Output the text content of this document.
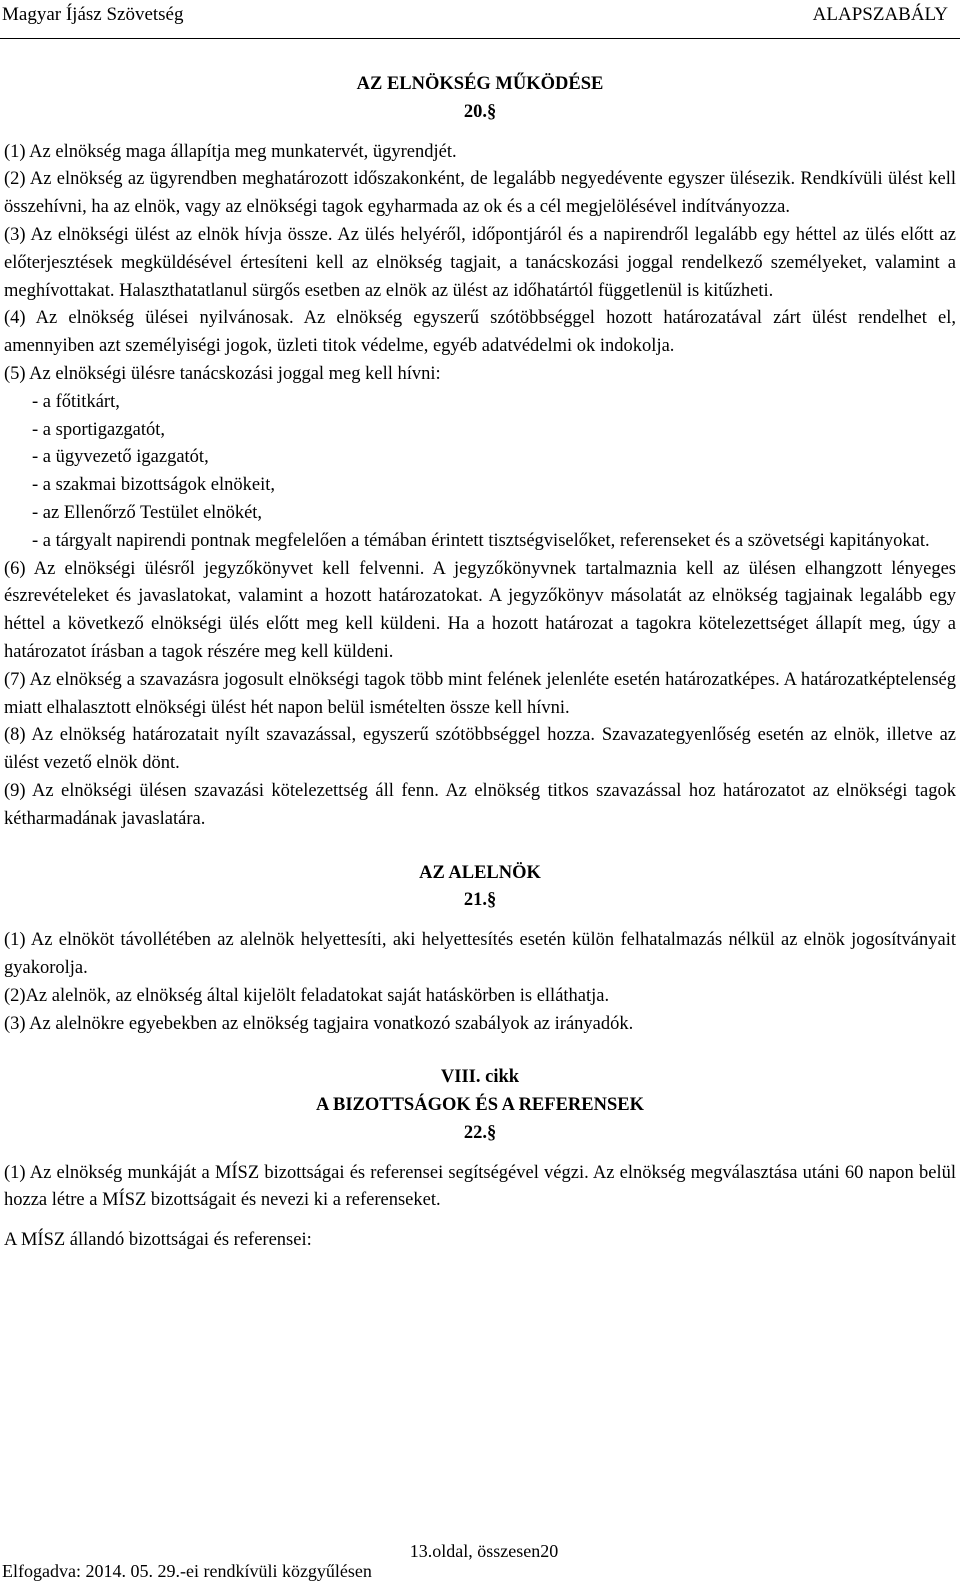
Magyar Íjász Szövetség	ALAPSZABÁLY
AZ ELNÖKSÉG MŰKÖDÉSE
20.§

(1) Az elnökség maga állapítja meg munkatervét, ügyrendjét.

(2) Az elnökség az ügyrendben meghatározott időszakonként, de legalább negyedévente egyszer ülésezik. Rendkívüli ülést kell összehívni, ha az elnök, vagy az elnökségi tagok egyharmada az ok és a cél megjelölésével indítványozza.

(3) Az elnökségi ülést az elnök hívja össze. Az ülés helyéről, időpontjáról és a napirendről legalább egy héttel az ülés előtt az előterjesztések megküldésével értesíteni kell az elnökség tagjait, a tanácskozási joggal rendelkező személyeket, valamint a meghívottakat. Halaszthatatlanul sürgős esetben az elnök az ülést az időhatártól függetlenül is kitűzheti.

(4) Az elnökség ülései nyilvánosak. Az elnökség egyszerű szótöbbséggel hozott határozatával zárt ülést rendelhet el, amennyiben azt személyiségi jogok, üzleti titok védelme, egyéb adatvédelmi ok indokolja.

(5) Az elnökségi ülésre tanácskozási joggal meg kell hívni:

- a főtitkárt,

- a sportigazgatót,

- a ügyvezető igazgatót,

- a szakmai bizottságok elnökeit,

- az Ellenőrző Testület elnökét,

- a tárgyalt napirendi pontnak megfelelően a témában érintett tisztségviselőket, referenseket és a szövetségi kapitányokat.

(6) Az elnökségi ülésről jegyzőkönyvet kell felvenni. A jegyzőkönyvnek tartalmaznia kell az ülésen elhangzott lényeges észrevételeket és javaslatokat, valamint a hozott határozatokat. A jegyzőkönyv másolatát az elnökség tagjainak legalább egy héttel a következő elnökségi ülés előtt meg kell küldeni. Ha a hozott határozat a tagokra kötelezettséget állapít meg, úgy a határozatot írásban a tagok részére meg kell küldeni.

(7) Az elnökség a szavazásra jogosult elnökségi tagok több mint felének jelenléte esetén határozatképes. A határozatképtelenség miatt elhalasztott elnökségi ülést hét napon belül ismételten össze kell hívni.

(8) Az elnökség határozatait nyílt szavazással, egyszerű szótöbbséggel hozza. Szavazategyenlőség esetén az elnök, illetve az ülést vezető elnök dönt.

(9) Az elnökségi ülésen szavazási kötelezettség áll fenn. Az elnökség titkos szavazással hoz határozatot az elnökségi tagok kétharmadának javaslatára.

AZ ALELNÖK
21.§

(1) Az elnököt távollétében az alelnök helyettesíti, aki helyettesítés esetén külön felhatalmazás nélkül az elnök jogosítványait gyakorolja.

(2)Az alelnök, az elnökség által kijelölt feladatokat saját hatáskörben is elláthatja.

(3) Az alelnökre egyebekben az elnökség tagjaira vonatkozó szabályok az irányadók.

VIII. cikk
A BIZOTTSÁGOK ÉS A REFERENSEK
22.§

(1) Az elnökség munkáját a MÍSZ bizottságai és referensei segítségével végzi. Az elnökség megválasztása utáni 60 napon belül hozza létre a MÍSZ bizottságait és nevezi ki a referenseket.

A MÍSZ állandó bizottságai és referensei:

13.oldal, összesen20
Elfogadva: 2014. 05. 29.-ei rendkívüli közgyűlésen
